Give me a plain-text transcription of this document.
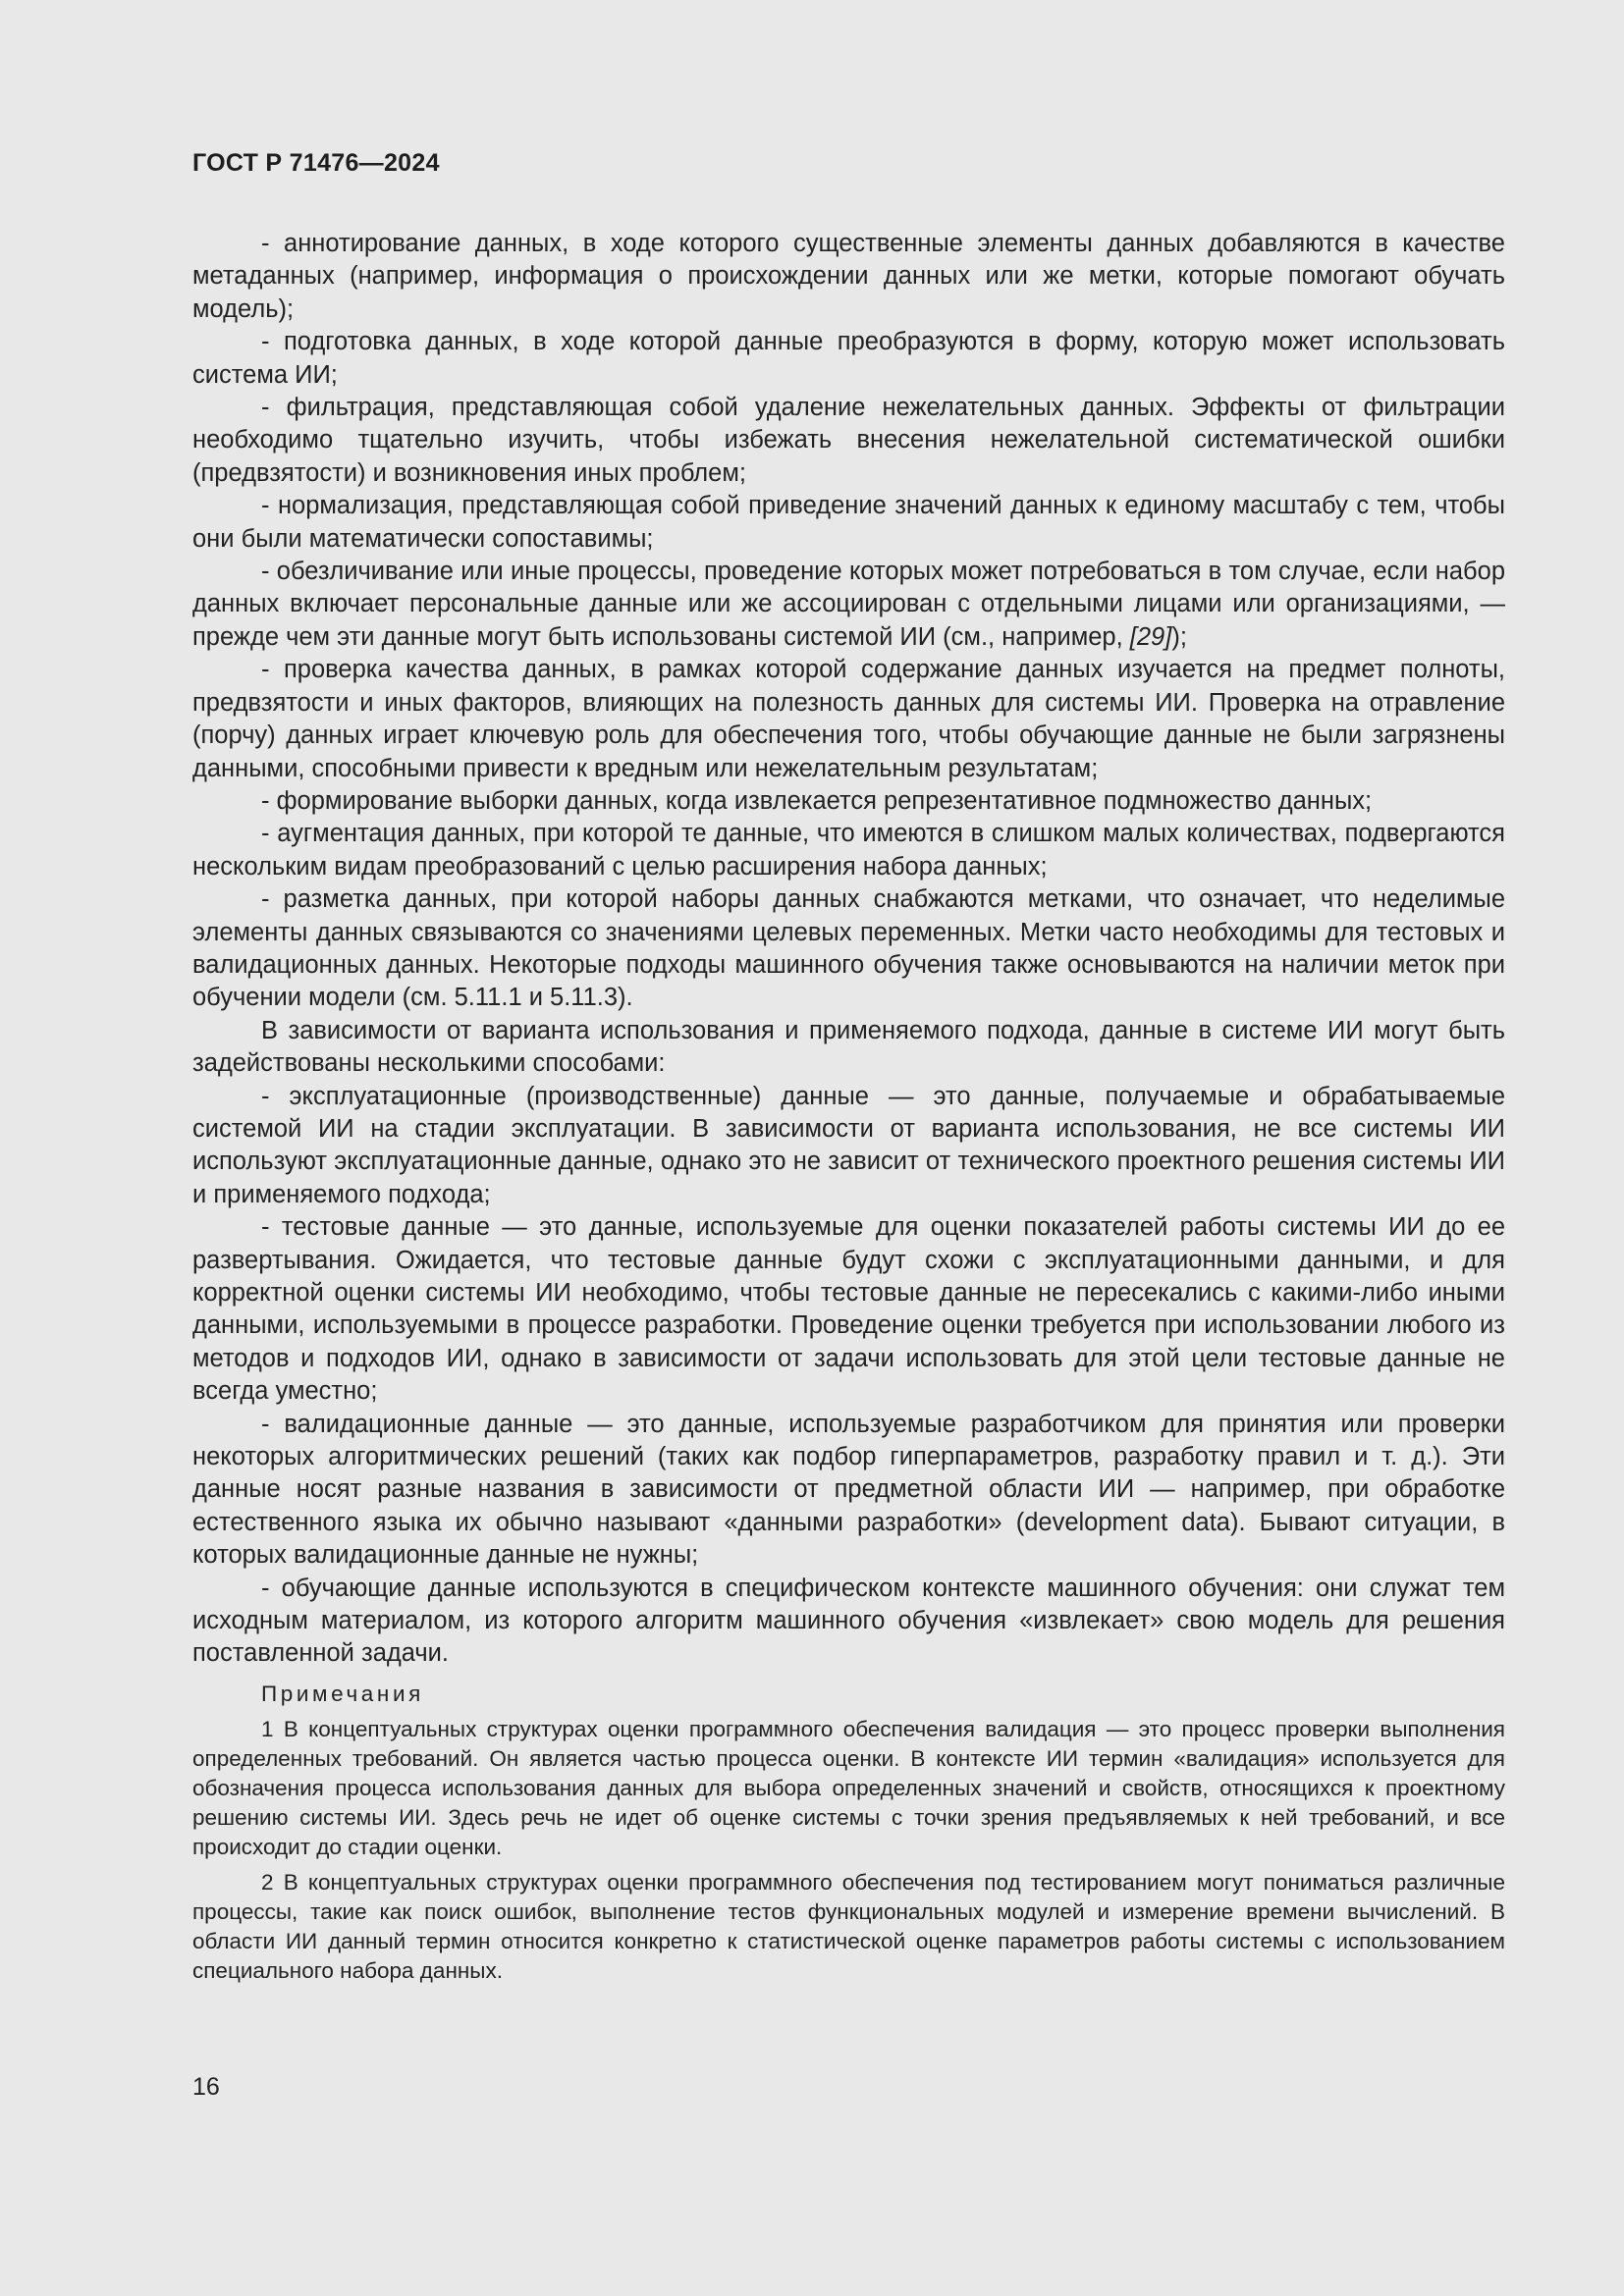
ГОСТ Р 71476—2024

- аннотирование данных, в ходе которого существенные элементы данных добавляются в качестве метаданных (например, информация о происхождении данных или же метки, которые помогают обучать модель);

- подготовка данных, в ходе которой данные преобразуются в форму, которую может использовать система ИИ;

- фильтрация, представляющая собой удаление нежелательных данных. Эффекты от фильтрации необходимо тщательно изучить, чтобы избежать внесения нежелательной систематической ошибки (предвзятости) и возникновения иных проблем;

- нормализация, представляющая собой приведение значений данных к единому масштабу с тем, чтобы они были математически сопоставимы;

- обезличивание или иные процессы, проведение которых может потребоваться в том случае, если набор данных включает персональные данные или же ассоциирован с отдельными лицами или организациями, — прежде чем эти данные могут быть использованы системой ИИ (см., например, [29]);

- проверка качества данных, в рамках которой содержание данных изучается на предмет полноты, предвзятости и иных факторов, влияющих на полезность данных для системы ИИ. Проверка на отравление (порчу) данных играет ключевую роль для обеспечения того, чтобы обучающие данные не были загрязнены данными, способными привести к вредным или нежелательным результатам;

- формирование выборки данных, когда извлекается репрезентативное подмножество данных;

- аугментация данных, при которой те данные, что имеются в слишком малых количествах, подвергаются нескольким видам преобразований с целью расширения набора данных;

- разметка данных, при которой наборы данных снабжаются метками, что означает, что неделимые элементы данных связываются со значениями целевых переменных. Метки часто необходимы для тестовых и валидационных данных. Некоторые подходы машинного обучения также основываются на наличии меток при обучении модели (см. 5.11.1 и 5.11.3).

В зависимости от варианта использования и применяемого подхода, данные в системе ИИ могут быть задействованы несколькими способами:

- эксплуатационные (производственные) данные — это данные, получаемые и обрабатываемые системой ИИ на стадии эксплуатации. В зависимости от варианта использования, не все системы ИИ используют эксплуатационные данные, однако это не зависит от технического проектного решения системы ИИ и применяемого подхода;

- тестовые данные — это данные, используемые для оценки показателей работы системы ИИ до ее развертывания. Ожидается, что тестовые данные будут схожи с эксплуатационными данными, и для корректной оценки системы ИИ необходимо, чтобы тестовые данные не пересекались с какими-либо иными данными, используемыми в процессе разработки. Проведение оценки требуется при использовании любого из методов и подходов ИИ, однако в зависимости от задачи использовать для этой цели тестовые данные не всегда уместно;

- валидационные данные — это данные, используемые разработчиком для принятия или проверки некоторых алгоритмических решений (таких как подбор гиперпараметров, разработку правил и т. д.). Эти данные носят разные названия в зависимости от предметной области ИИ — например, при обработке естественного языка их обычно называют «данными разработки» (development data). Бывают ситуации, в которых валидационные данные не нужны;

- обучающие данные используются в специфическом контексте машинного обучения: они служат тем исходным материалом, из которого алгоритм машинного обучения «извлекает» свою модель для решения поставленной задачи.

Примечания

1 В концептуальных структурах оценки программного обеспечения валидация — это процесс проверки выполнения определенных требований. Он является частью процесса оценки. В контексте ИИ термин «валидация» используется для обозначения процесса использования данных для выбора определенных значений и свойств, относящихся к проектному решению системы ИИ. Здесь речь не идет об оценке системы с точки зрения предъявляемых к ней требований, и все происходит до стадии оценки.

2 В концептуальных структурах оценки программного обеспечения под тестированием могут пониматься различные процессы, такие как поиск ошибок, выполнение тестов функциональных модулей и измерение времени вычислений. В области ИИ данный термин относится конкретно к статистической оценке параметров работы системы с использованием специального набора данных.

16
